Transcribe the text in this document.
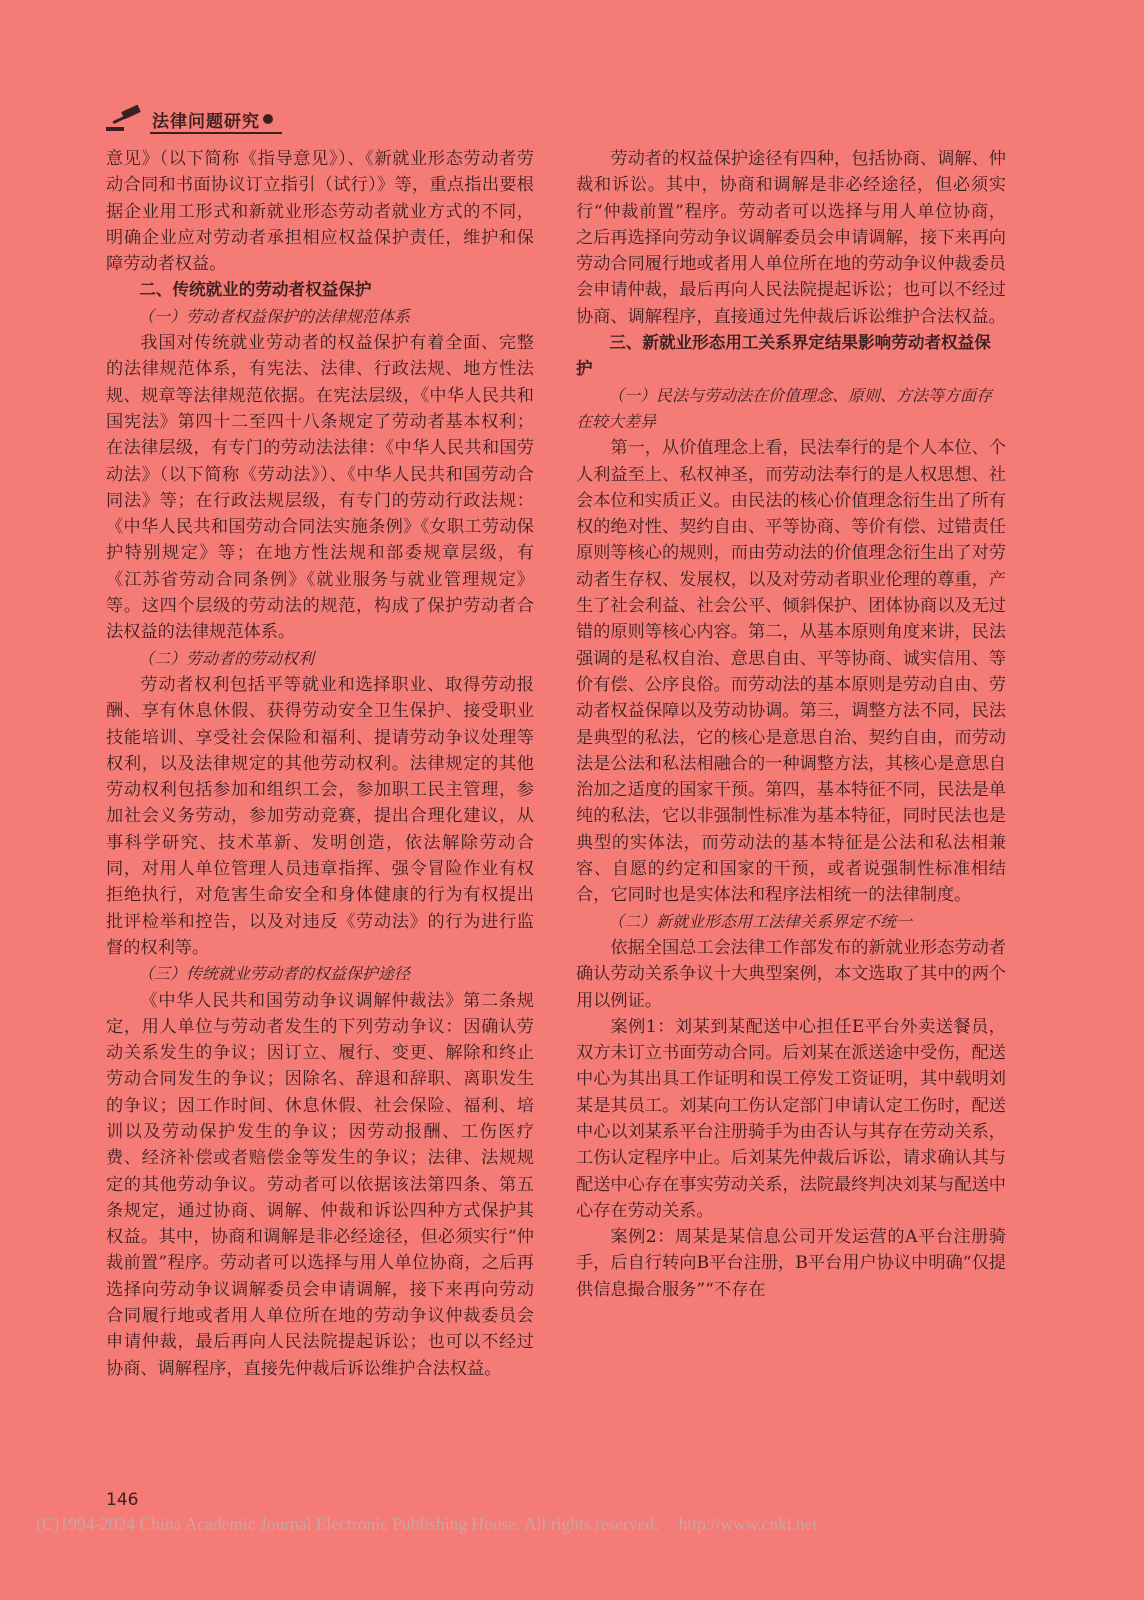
法律问题研究

意见》（以下简称《指导意见》）、《新就业形态劳动者劳动合同和书面协议订立指引（试行）》等，重点指出要根据企业用工形式和新就业形态劳动者就业方式的不同，明确企业应对劳动者承担相应权益保护责任，维护和保障劳动者权益。

二、传统就业的劳动者权益保护
（一）劳动者权益保护的法律规范体系

我国对传统就业劳动者的权益保护有着全面、完整的法律规范体系，有宪法、法律、行政法规、地方性法规、规章等法律规范依据。在宪法层级，《中华人民共和国宪法》第四十二至四十八条规定了劳动者基本权利；在法律层级，有专门的劳动法法律：《中华人民共和国劳动法》（以下简称《劳动法》）、《中华人民共和国劳动合同法》等；在行政法规层级，有专门的劳动行政法规：《中华人民共和国劳动合同法实施条例》《女职工劳动保护特别规定》等；在地方性法规和部委规章层级，有《江苏省劳动合同条例》《就业服务与就业管理规定》等。这四个层级的劳动法的规范，构成了保护劳动者合法权益的法律规范体系。

（二）劳动者的劳动权利

劳动者权利包括平等就业和选择职业、取得劳动报酬、享有休息休假、获得劳动安全卫生保护、接受职业技能培训、享受社会保险和福利、提请劳动争议处理等权利，以及法律规定的其他劳动权利。法律规定的其他劳动权利包括参加和组织工会，参加职工民主管理，参加社会义务劳动，参加劳动竞赛，提出合理化建议，从事科学研究、技术革新、发明创造，依法解除劳动合同，对用人单位管理人员违章指挥、强令冒险作业有权拒绝执行，对危害生命安全和身体健康的行为有权提出批评检举和控告，以及对违反《劳动法》的行为进行监督的权利等。

（三）传统就业劳动者的权益保护途径

《中华人民共和国劳动争议调解仲裁法》第二条规定，用人单位与劳动者发生的下列劳动争议：因确认劳动关系发生的争议；因订立、履行、变更、解除和终止劳动合同发生的争议；因除名、辞退和辞职、离职发生的争议；因工作时间、休息休假、社会保险、福利、培训以及劳动保护发生的争议；因劳动报酬、工伤医疗费、经济补偿或者赔偿金等发生的争议；法律、法规规定的其他劳动争议。劳动者可以依据该法第四条、第五条规定，通过协商、调解、仲裁和诉讼四种方式保护其权益。其中，协商和调解是非必经途径，但必须实行“仲裁前置”程序。劳动者可以选择与用人单位协商，之后再选择向劳动争议调解委员会申请调解，接下来再向劳动合同履行地或者用人单位所在地的劳动争议仲裁委员会申请仲裁，最后再向人民法院提起诉讼；也可以不经过协商、调解程序，直接先仲裁后诉讼维护合法权益。

劳动者的权益保护途径有四种，包括协商、调解、仲裁和诉讼。其中，协商和调解是非必经途径，但必须实行“仲裁前置”程序。劳动者可以选择与用人单位协商，之后再选择向劳动争议调解委员会申请调解，接下来再向劳动合同履行地或者用人单位所在地的劳动争议仲裁委员会申请仲裁，最后再向人民法院提起诉讼；也可以不经过协商、调解程序，直接通过先仲裁后诉讼维护合法权益。

三、新就业形态用工关系界定结果影响劳动者权益保护
（一）民法与劳动法在价值理念、原则、方法等方面存在较大差异

第一，从价值理念上看，民法奉行的是个人本位、个人利益至上、私权神圣，而劳动法奉行的是人权思想、社会本位和实质正义。由民法的核心价值理念衍生出了所有权的绝对性、契约自由、平等协商、等价有偿、过错责任原则等核心的规则，而由劳动法的价值理念衍生出了对劳动者生存权、发展权，以及对劳动者职业伦理的尊重，产生了社会利益、社会公平、倾斜保护、团体协商以及无过错的原则等核心内容。第二，从基本原则角度来讲，民法强调的是私权自治、意思自由、平等协商、诚实信用、等价有偿、公序良俗。而劳动法的基本原则是劳动自由、劳动者权益保障以及劳动协调。第三，调整方法不同，民法是典型的私法，它的核心是意思自治、契约自由，而劳动法是公法和私法相融合的一种调整方法，其核心是意思自治加之适度的国家干预。第四，基本特征不同，民法是单纯的私法，它以非强制性标准为基本特征，同时民法也是典型的实体法，而劳动法的基本特征是公法和私法相兼容、自愿的约定和国家的干预，或者说强制性标准相结合，它同时也是实体法和程序法相统一的法律制度。

（二）新就业形态用工法律关系界定不统一

依据全国总工会法律工作部发布的新就业形态劳动者确认劳动关系争议十大典型案例，本文选取了其中的两个用以例证。

案例1：刘某到某配送中心担任E平台外卖送餐员，双方未订立书面劳动合同。后刘某在派送途中受伤，配送中心为其出具工作证明和误工停发工资证明，其中载明刘某是其员工。刘某向工伤认定部门申请认定工伤时，配送中心以刘某系平台注册骑手为由否认与其存在劳动关系，工伤认定程序中止。后刘某先仲裁后诉讼，请求确认其与配送中心存在事实劳动关系，法院最终判决刘某与配送中心存在劳动关系。

案例2：周某是某信息公司开发运营的A平台注册骑手，后自行转向B平台注册，B平台用户协议中明确“仅提供信息撮合服务”“不存在

146
(C)1994-2024 China Academic Journal Electronic Publishing House. All rights reserved. http://www.cnki.net
